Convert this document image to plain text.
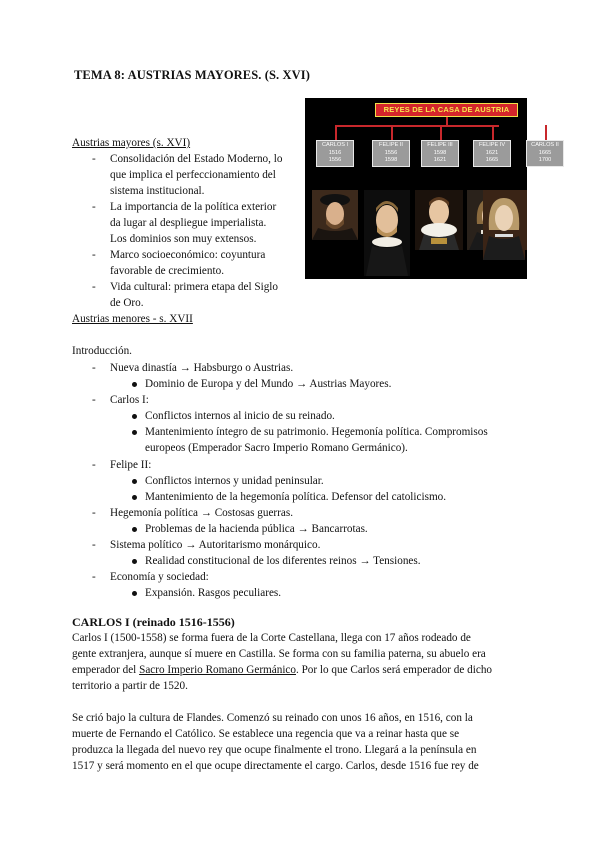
TEMA 8: AUSTRIAS MAYORES. (S. XVI)
REYES DE LA CASA DE AUSTRIA
CARLOS I
1516
1556
FELIPE II
1556
1598
FELIPE III
1598
1621
FELIPE IV
1621
1665
CARLOS II
1665
1700
Austrias mayores (s. XVI)
- Consolidación del Estado Moderno, lo
que implica el perfeccionamiento del
sistema institucional.
- La importancia de la política exterior
da lugar al despliegue imperialista.
Los dominios son muy extensos.
- Marco socioeconómico: coyuntura
favorable de crecimiento.
- Vida cultural: primera etapa del Siglo
de Oro.
Austrias menores - s. XVII
Introducción.
- Nueva dinastía → Habsburgo o Austrias.
Dominio de Europa y del Mundo → Austrias Mayores.
- Carlos I:
Conflictos internos al inicio de su reinado.
Mantenimiento íntegro de su patrimonio. Hegemonía política. Compromisos
europeos (Emperador Sacro Imperio Romano Germánico).
- Felipe II:
Conflictos internos y unidad peninsular.
Mantenimiento de la hegemonía política. Defensor del catolicismo.
- Hegemonía política → Costosas guerras.
Problemas de la hacienda pública → Bancarrotas.
- Sistema político → Autoritarismo monárquico.
Realidad constitucional de los diferentes reinos → Tensiones.
- Economía y sociedad:
Expansión. Rasgos peculiares.
CARLOS I (reinado 1516-1556)
Carlos I (1500-1558) se forma fuera de la Corte Castellana, llega con 17 años rodeado de
gente extranjera, aunque sí muere en Castilla. Se forma con su familia paterna, su abuelo era
emperador del Sacro Imperio Romano Germánico. Por lo que Carlos será emperador de dicho
territorio a partir de 1520.
Se crió bajo la cultura de Flandes. Comenzó su reinado con unos 16 años, en 1516, con la
muerte de Fernando el Católico. Se establece una regencia que va a reinar hasta que se
produzca la llegada del nuevo rey que ocupe finalmente el trono. Llegará a la península en
1517 y será momento en el que ocupe directamente el cargo. Carlos, desde 1516 fue rey de
